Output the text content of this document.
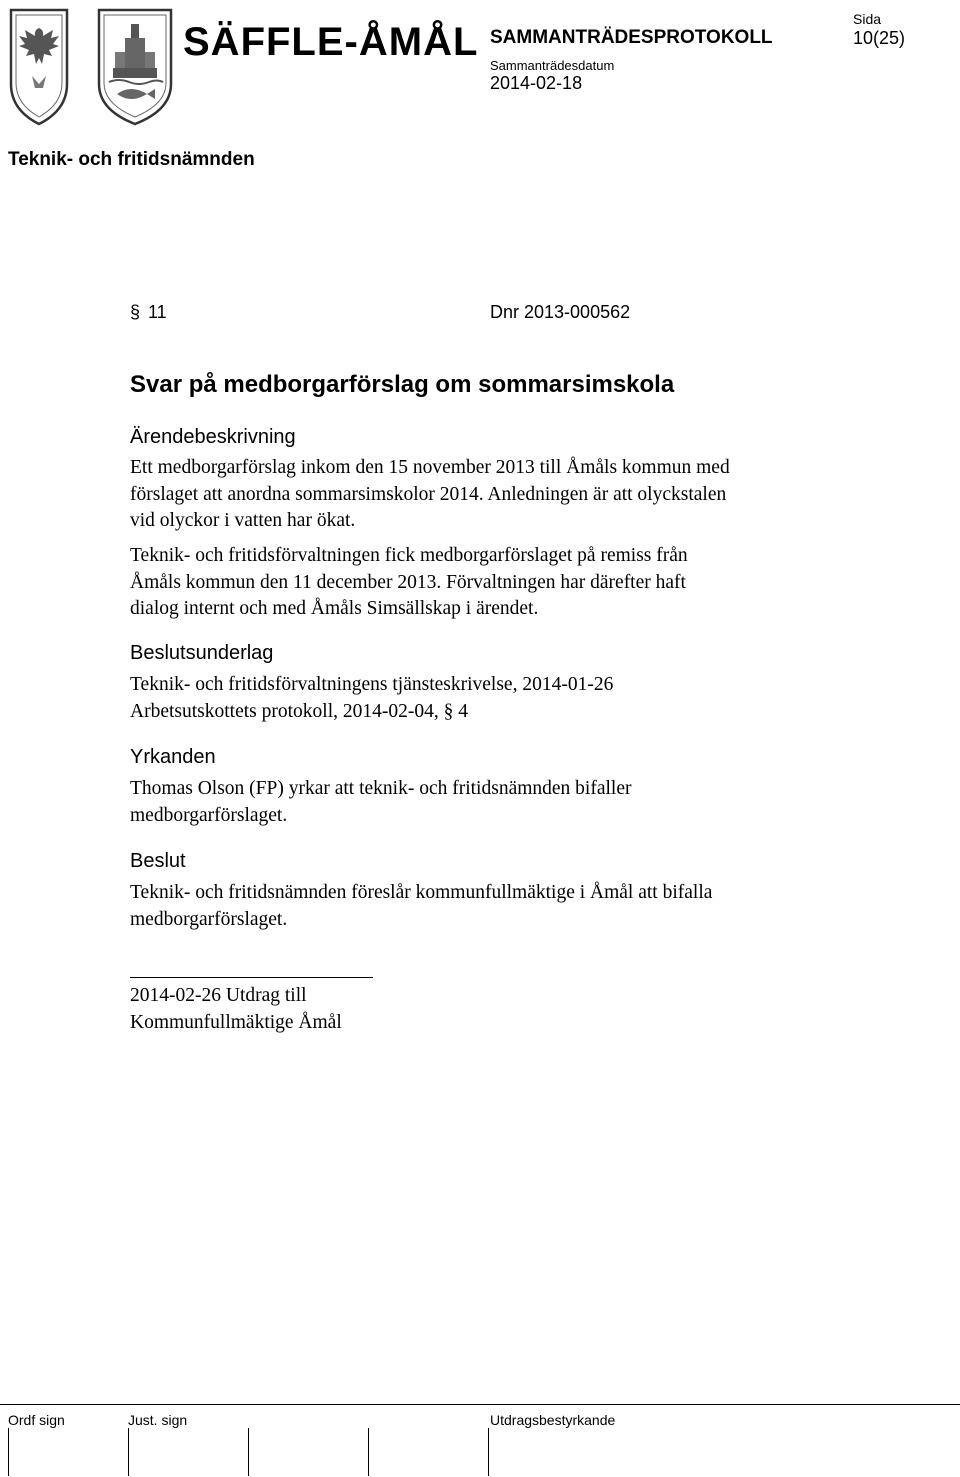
SÄFFLE-ÅMÅL SAMMANTRÄDESPROTOKOLL
Sammanträdesdatum
2014-02-18
Sida
10(25)
Teknik- och fritidsnämnden
§ 11	Dnr 2013-000562
Svar på medborgarförslag om sommarsimskola
Ärendebeskrivning
Ett medborgarförslag inkom den 15 november 2013 till Åmåls kommun med
förslaget att anordna sommarsimskolor 2014. Anledningen är att olyckstalen
vid olyckor i vatten har ökat.
Teknik- och fritidsförvaltningen fick medborgarförslaget på remiss från
Åmåls kommun den 11 december 2013. Förvaltningen har därefter haft
dialog internt och med Åmåls Simsällskap i ärendet.
Beslutsunderlag
Teknik- och fritidsförvaltningens tjänsteskrivelse, 2014-01-26
Arbetsutskottets protokoll, 2014-02-04, § 4
Yrkanden
Thomas Olson (FP) yrkar att teknik- och fritidsnämnden bifaller
medborgarförslaget.
Beslut
Teknik- och fritidsnämnden föreslår kommunfullmäktige i Åmål att bifalla
medborgarförslaget.
2014-02-26 Utdrag till
Kommunfullmäktige Åmål
Ordf sign	Just. sign	Utdragsbestyrkande
